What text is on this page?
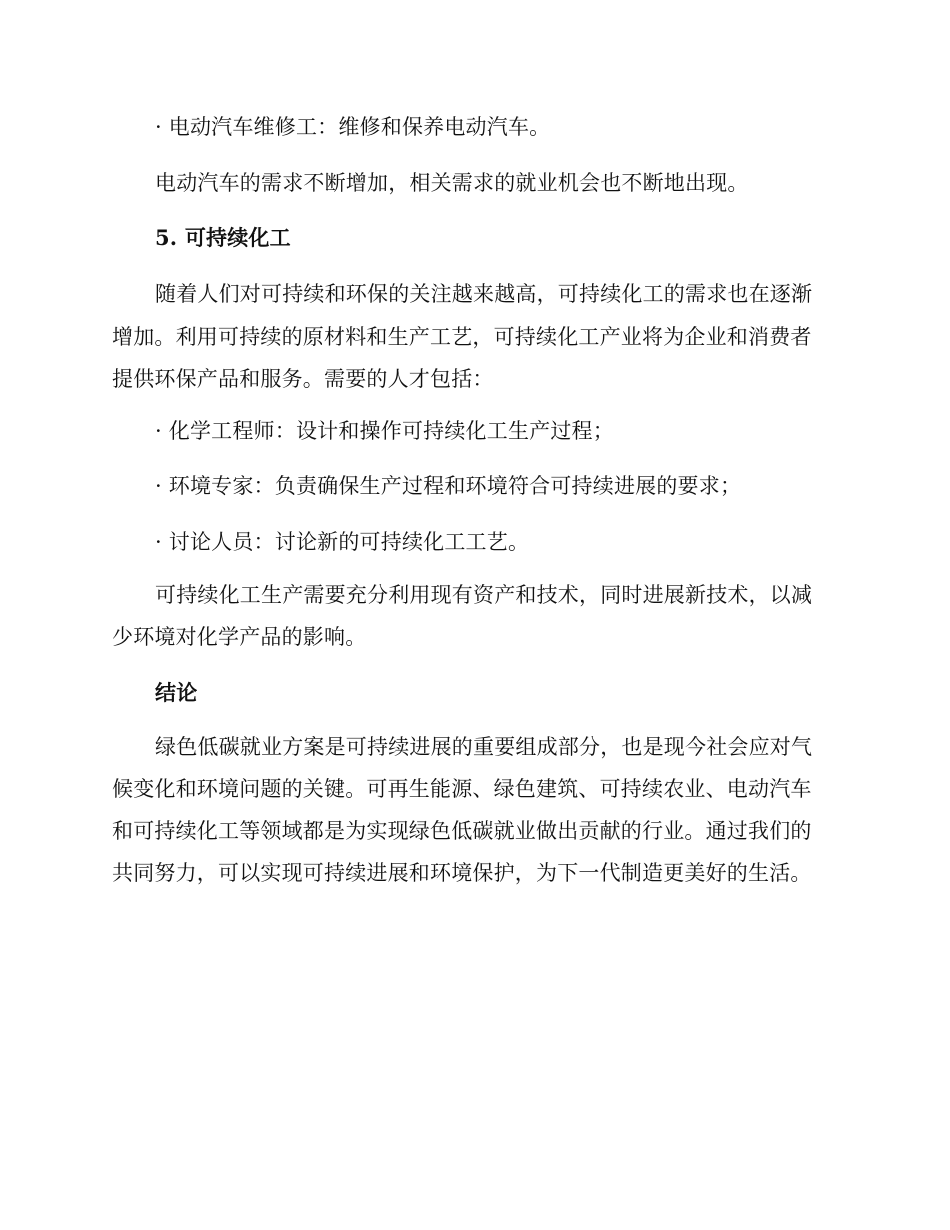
· 电动汽车维修工：维修和保养电动汽车。
电动汽车的需求不断增加，相关需求的就业机会也不断地出现。
5. 可持续化工
随着人们对可持续和环保的关注越来越高，可持续化工的需求也在逐渐
增加。利用可持续的原材料和生产工艺，可持续化工产业将为企业和消费者
提供环保产品和服务。需要的人才包括：
· 化学工程师：设计和操作可持续化工生产过程；
· 环境专家：负责确保生产过程和环境符合可持续进展的要求；
· 讨论人员：讨论新的可持续化工工艺。
可持续化工生产需要充分利用现有资产和技术，同时进展新技术，以减
少环境对化学产品的影响。
结论
绿色低碳就业方案是可持续进展的重要组成部分，也是现今社会应对气
候变化和环境问题的关键。可再生能源、绿色建筑、可持续农业、电动汽车
和可持续化工等领域都是为实现绿色低碳就业做出贡献的行业。通过我们的
共同努力，可以实现可持续进展和环境保护，为下一代制造更美好的生活。
